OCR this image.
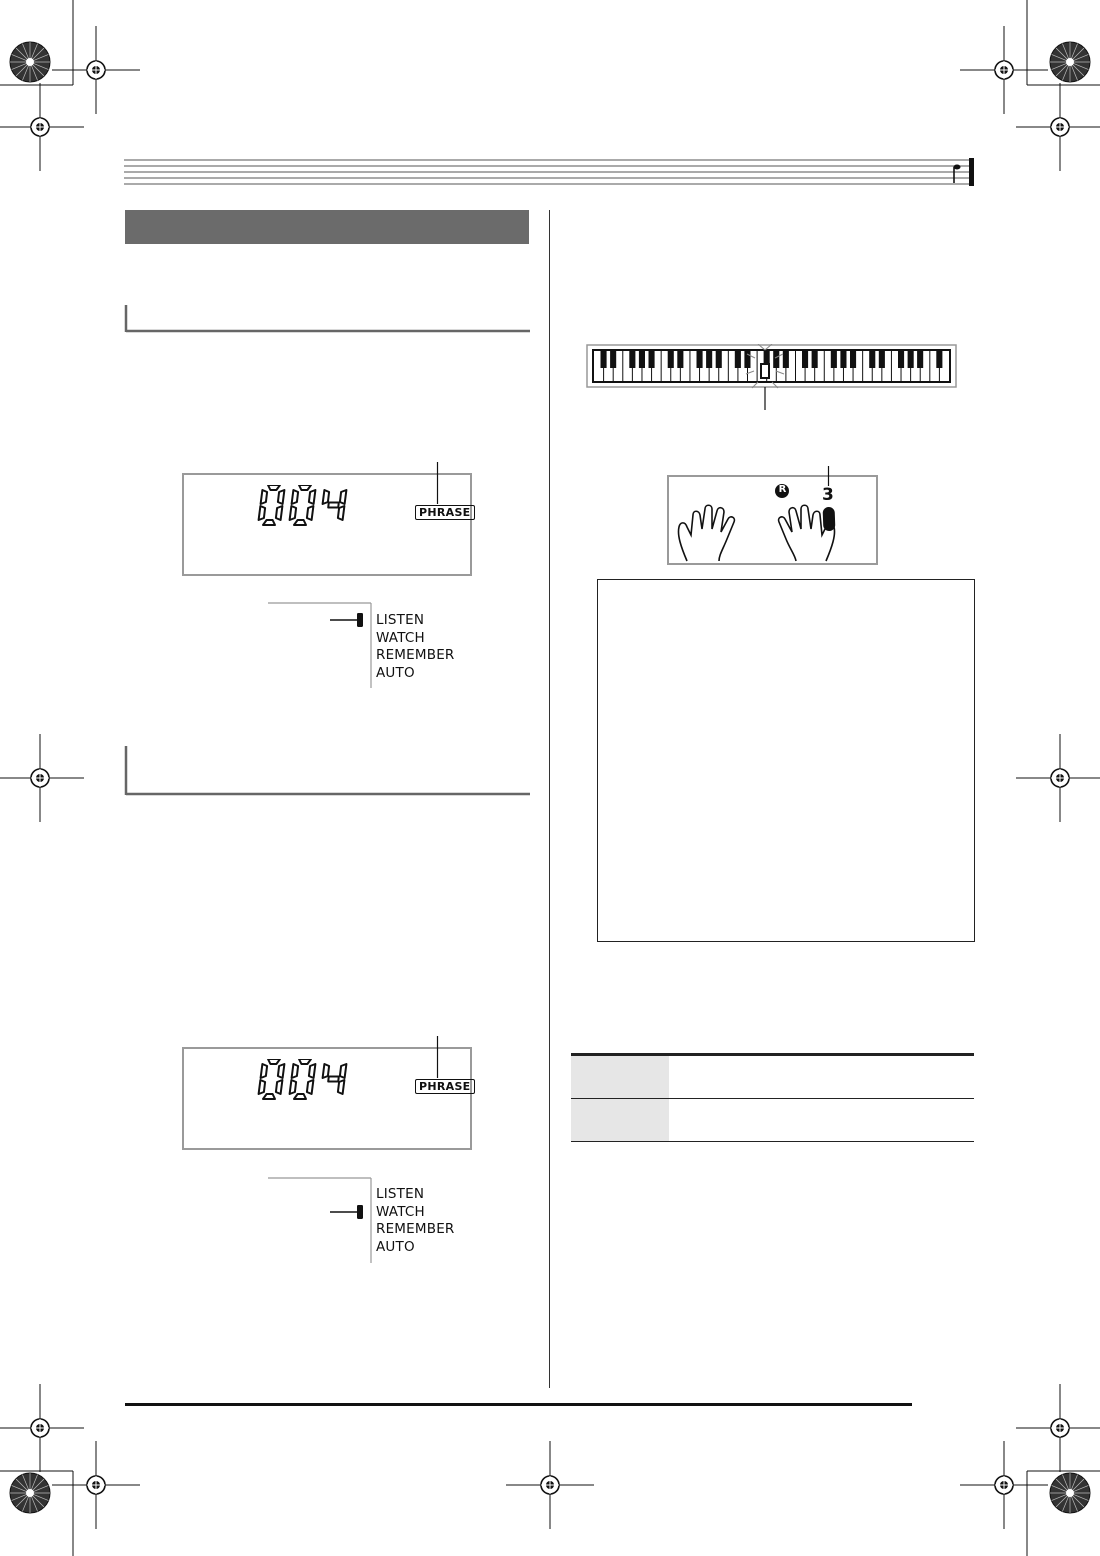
PHRASE
LISTEN
WATCH
REMEMBER
AUTO
PHRASE
LISTEN
WATCH
REMEMBER
AUTO
R 3
